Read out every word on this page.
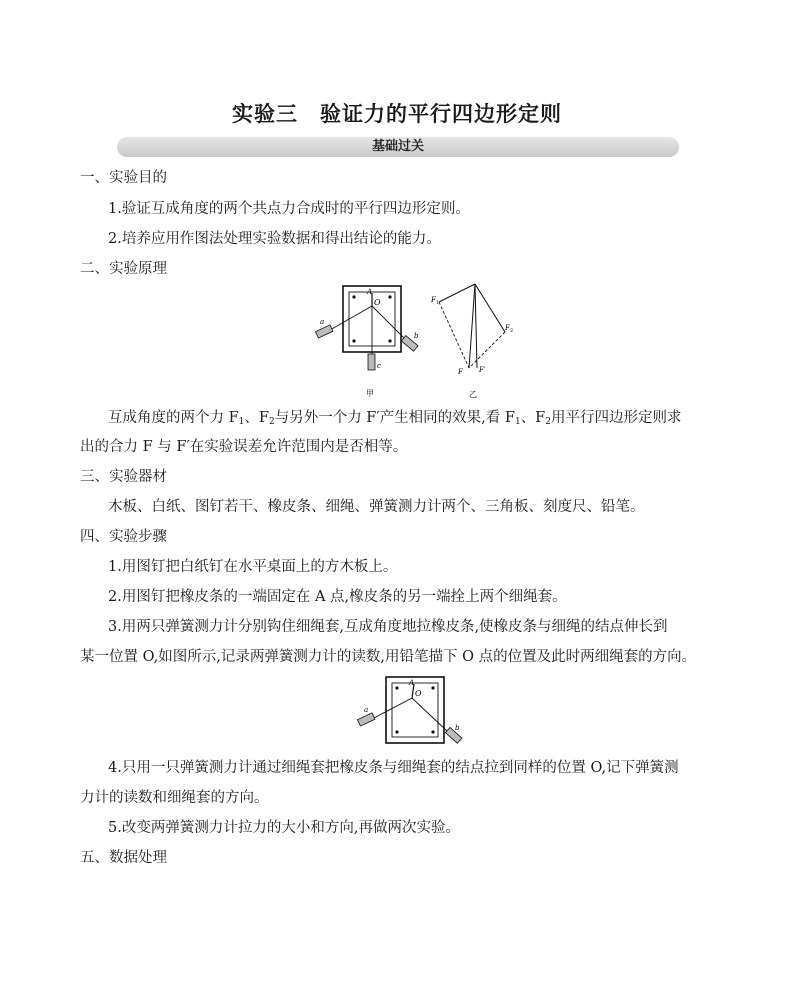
实验三　验证力的平行四边形定则
基础过关
一、实验目的
1.验证互成角度的两个共点力合成时的平行四边形定则。
2.培养应用作图法处理实验数据和得出结论的能力。
二、实验原理
A
O
a
b
c
甲
F 1
F 2
F F′
乙
互成角度的两个力 $F_1$、$F_2$与另外一个力 F′产生相同的效果,看 $F_1$、$F_2$用平行四边形定则求
出的合力 F 与 F′在实验误差允许范围内是否相等。
三、实验器材
木板、白纸、图钉若干、橡皮条、细绳、弹簧测力计两个、三角板、刻度尺、铅笔。
四、实验步骤
1.用图钉把白纸钉在水平桌面上的方木板上。
2.用图钉把橡皮条的一端固定在 A 点,橡皮条的另一端拴上两个细绳套。
3.用两只弹簧测力计分别钩住细绳套,互成角度地拉橡皮条,使橡皮条与细绳的结点伸长到
某一位置 O,如图所示,记录两弹簧测力计的读数,用铅笔描下 O 点的位置及此时两细绳套的方向。
A
O
a
b
4.只用一只弹簧测力计通过细绳套把橡皮条与细绳套的结点拉到同样的位置 O,记下弹簧测
力计的读数和细绳套的方向。
5.改变两弹簧测力计拉力的大小和方向,再做两次实验。
五、数据处理
